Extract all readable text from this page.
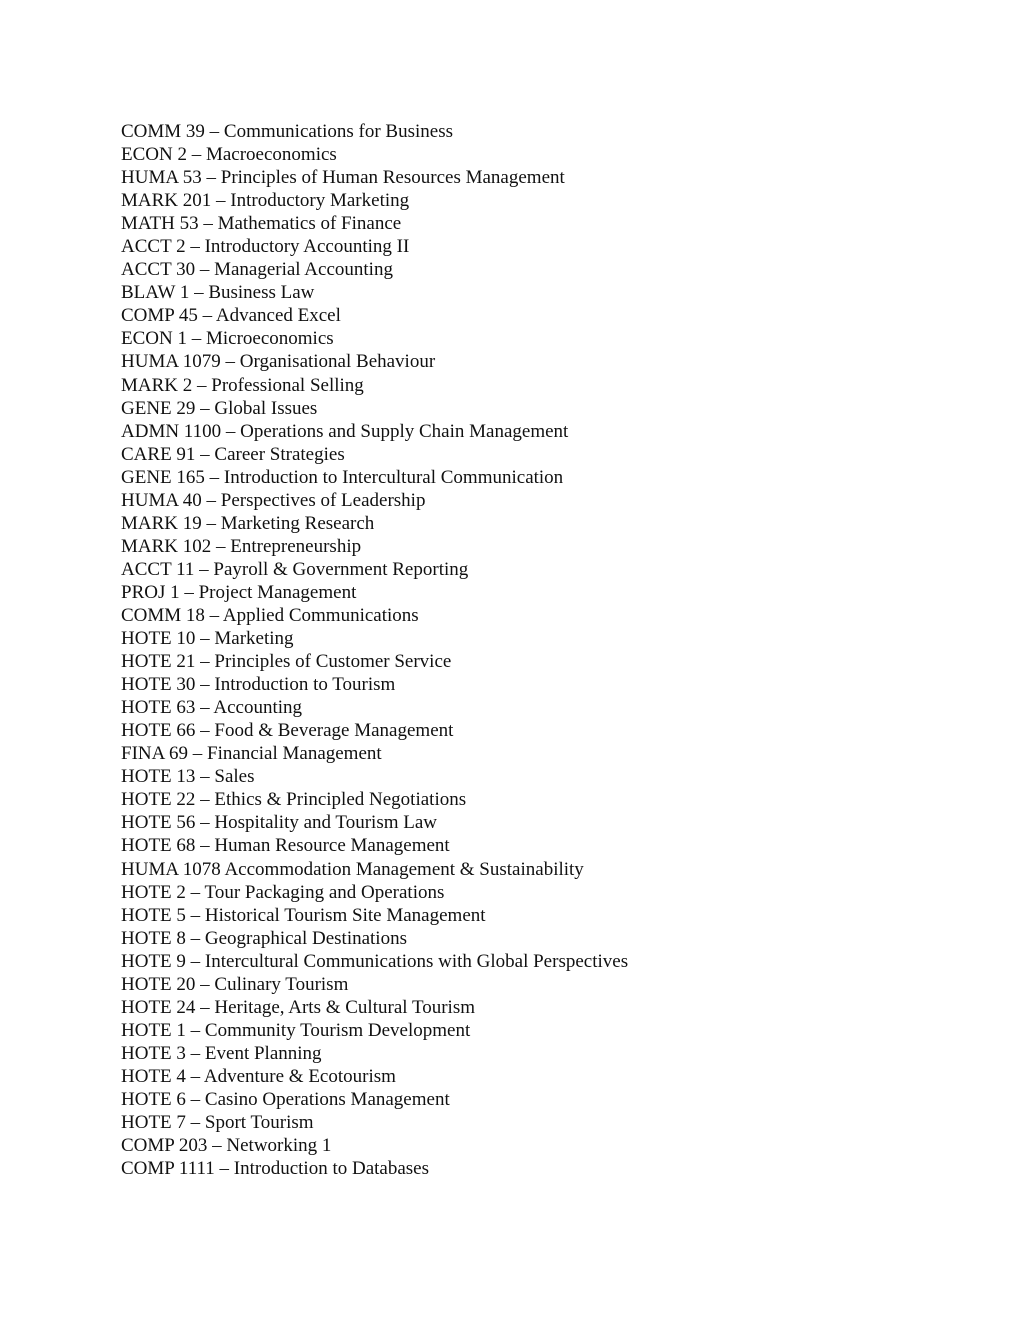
COMM 39 – Communications for Business
ECON 2 – Macroeconomics
HUMA 53 – Principles of Human Resources Management
MARK 201 – Introductory Marketing
MATH 53 – Mathematics of Finance
ACCT 2 – Introductory Accounting II
ACCT 30 – Managerial Accounting
BLAW 1 – Business Law
COMP 45 – Advanced Excel
ECON 1 – Microeconomics
HUMA 1079 – Organisational Behaviour
MARK 2 – Professional Selling
GENE 29 – Global Issues
ADMN 1100 – Operations and Supply Chain Management
CARE 91 – Career Strategies
GENE 165 – Introduction to Intercultural Communication
HUMA 40 – Perspectives of Leadership
MARK 19 – Marketing Research
MARK 102 – Entrepreneurship
ACCT 11 – Payroll & Government Reporting
PROJ 1 – Project Management
COMM 18 – Applied Communications
HOTE 10 – Marketing
HOTE 21 – Principles of Customer Service
HOTE 30 – Introduction to Tourism
HOTE 63 – Accounting
HOTE 66 – Food & Beverage Management
FINA 69 – Financial Management
HOTE 13 – Sales
HOTE 22 – Ethics & Principled Negotiations
HOTE 56 – Hospitality and Tourism Law
HOTE 68 – Human Resource Management
HUMA 1078 Accommodation Management & Sustainability
HOTE 2 – Tour Packaging and Operations
HOTE 5 – Historical Tourism Site Management
HOTE 8 – Geographical Destinations
HOTE 9 – Intercultural Communications with Global Perspectives
HOTE 20 – Culinary Tourism
HOTE 24 – Heritage, Arts & Cultural Tourism
HOTE 1 – Community Tourism Development
HOTE 3 – Event Planning
HOTE 4 – Adventure & Ecotourism
HOTE 6 – Casino Operations Management
HOTE 7 – Sport Tourism
COMP 203 – Networking 1
COMP 1111 – Introduction to Databases
